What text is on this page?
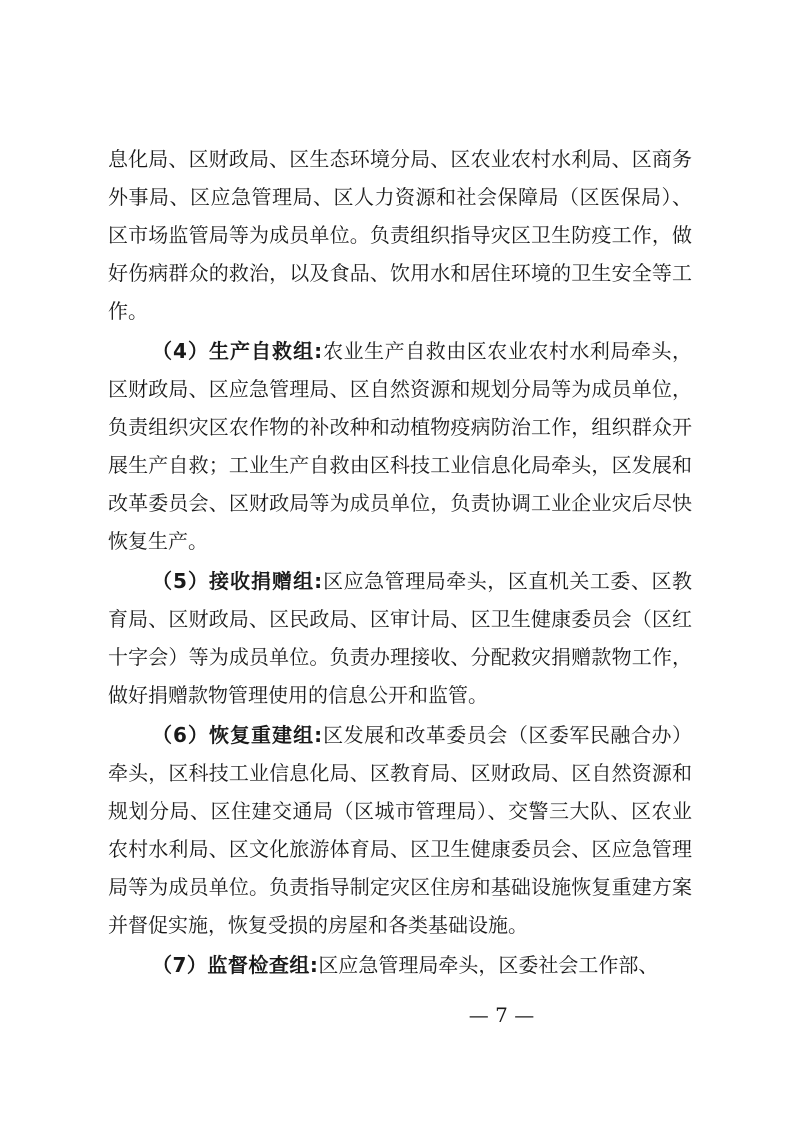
息化局、区财政局、区生态环境分局、区农业农村水利局、区商务外事局、区应急管理局、区人力资源和社会保障局（区医保局）、区市场监管局等为成员单位。负责组织指导灾区卫生防疫工作，做好伤病群众的救治，以及食品、饮用水和居住环境的卫生安全等工作。

（4）生产自救组:农业生产自救由区农业农村水利局牵头，区财政局、区应急管理局、区自然资源和规划分局等为成员单位，负责组织灾区农作物的补改种和动植物疫病防治工作，组织群众开展生产自救；工业生产自救由区科技工业信息化局牵头，区发展和改革委员会、区财政局等为成员单位，负责协调工业企业灾后尽快恢复生产。

（5）接收捐赠组:区应急管理局牵头，区直机关工委、区教育局、区财政局、区民政局、区审计局、区卫生健康委员会（区红十字会）等为成员单位。负责办理接收、分配救灾捐赠款物工作，做好捐赠款物管理使用的信息公开和监管。

（6）恢复重建组:区发展和改革委员会（区委军民融合办）牵头，区科技工业信息化局、区教育局、区财政局、区自然资源和规划分局、区住建交通局（区城市管理局）、交警三大队、区农业农村水利局、区文化旅游体育局、区卫生健康委员会、区应急管理局等为成员单位。负责指导制定灾区住房和基础设施恢复重建方案并督促实施，恢复受损的房屋和各类基础设施。

（7）监督检查组:区应急管理局牵头，区委社会工作部、

— 7 —
